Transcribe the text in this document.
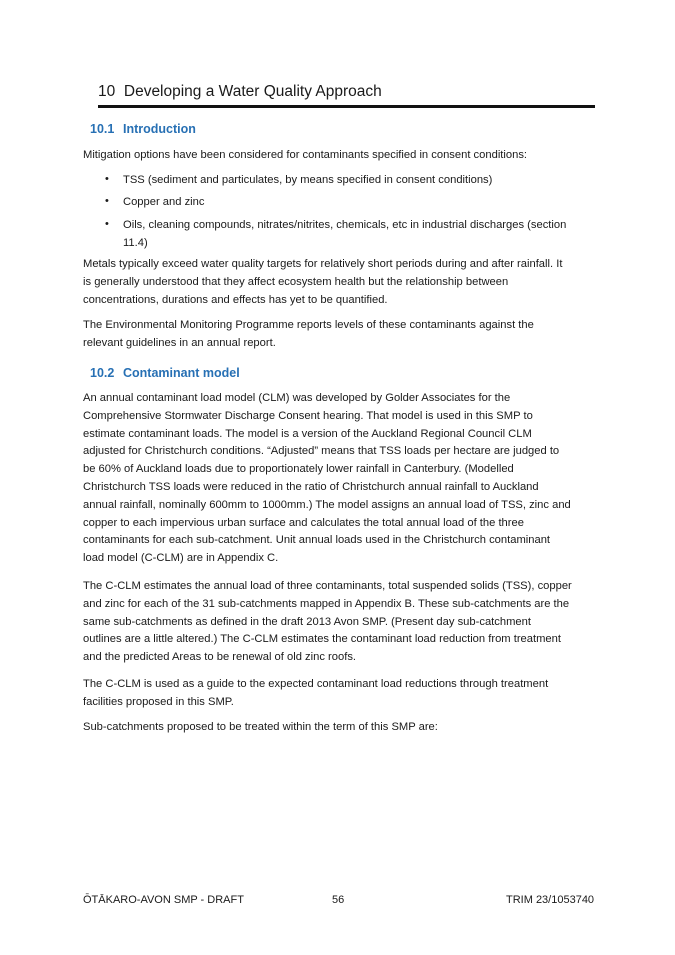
10 Developing a Water Quality Approach
10.1 Introduction
Mitigation options have been considered for contaminants specified in consent conditions:
• TSS (sediment and particulates, by means specified in consent conditions)
• Copper and zinc
• Oils, cleaning compounds, nitrates/nitrites, chemicals, etc in industrial discharges (section
11.4)
Metals typically exceed water quality targets for relatively short periods during and after rainfall. It
is generally understood that they affect ecosystem health but the relationship between
concentrations, durations and effects has yet to be quantified.
The Environmental Monitoring Programme reports levels of these contaminants against the
relevant guidelines in an annual report.
10.2 Contaminant model
An annual contaminant load model (CLM) was developed by Golder Associates for the
Comprehensive Stormwater Discharge Consent hearing. That model is used in this SMP to
estimate contaminant loads. The model is a version of the Auckland Regional Council CLM
adjusted for Christchurch conditions. “Adjusted” means that TSS loads per hectare are judged to
be 60% of Auckland loads due to proportionately lower rainfall in Canterbury. (Modelled
Christchurch TSS loads were reduced in the ratio of Christchurch annual rainfall to Auckland
annual rainfall, nominally 600mm to 1000mm.) The model assigns an annual load of TSS, zinc and
copper to each impervious urban surface and calculates the total annual load of the three
contaminants for each sub-catchment. Unit annual loads used in the Christchurch contaminant
load model (C-CLM) are in Appendix C.
The C-CLM estimates the annual load of three contaminants, total suspended solids (TSS), copper
and zinc for each of the 31 sub-catchments mapped in Appendix B. These sub-catchments are the
same sub-catchments as defined in the draft 2013 Avon SMP. (Present day sub-catchment
outlines are a little altered.) The C-CLM estimates the contaminant load reduction from treatment
and the predicted Areas to be renewal of old zinc roofs.
The C-CLM is used as a guide to the expected contaminant load reductions through treatment
facilities proposed in this SMP.
Sub-catchments proposed to be treated within the term of this SMP are:
ŌTĀKARO-AVON SMP - DRAFT	56	TRIM 23/1053740
